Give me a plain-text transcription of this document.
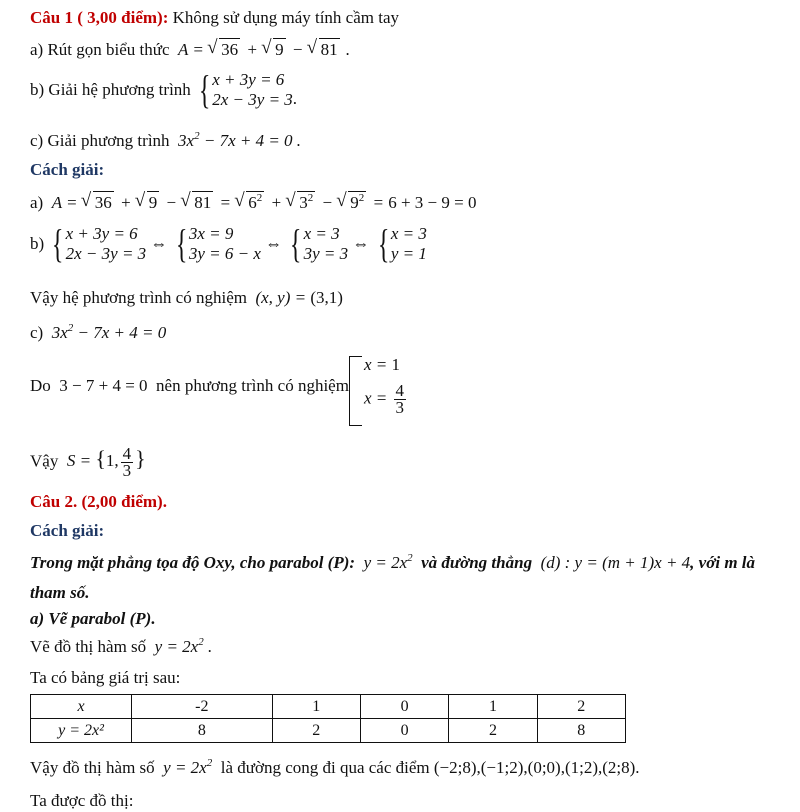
Câu 1 ( 3,00 điểm): Không sử dụng máy tính cầm tay
a) Rút gọn biểu thức  A = √ 36 + √ 9 − √ 81 .
b) Giải hệ phương trình { x + 3y = 6
2x − 3y = 3 .
c) Giải phương trình  $3x^2 - 7x + 4 = 0$ .
Cách giải:
a)  A = √ 36 + √ 9 − √ 81 = √ $6^2$ + √ $3^2$ − √ $9^2 = 6 + 3 - 9 = 0$
b) { x + 3y = 6
2x − 3y = 3
⇔ { 3x = 9
3y = 6 − x
⇔ { x = 3
3y = 3
⇔ { x = 3
y = 1
Vậy hệ phương trình có nghiệm  (x, y) = (3,1)
c)  $3x^2 - 7x + 4 = 0$
Do  3 − 7 + 4 = 0  nên phương trình có nghiệm
x = 1
$x = \frac{4}{3}$
Vậy  S = {1, $\frac{4}{3}$ }
Câu 2. (2,00 điểm).
Cách giải:
Trong mặt phẳng tọa độ Oxy, cho parabol (P):  $y = 2x^2$ và đường thẳng  (d) : y = (m + 1)x + 4, với m là
tham số.
a) Vẽ parabol (P).
Vẽ đồ thị hàm số  $y = 2x^2$ .
Ta có bảng giá trị sau:
x	-2	1	0	1	2
y = 2x²	8	2	0	2	8
Vậy đồ thị hàm số  $y = 2x^2$ là đường cong đi qua các điểm (−2;8),(−1;2),(0;0),(1;2),(2;8).
Ta được đồ thị:
